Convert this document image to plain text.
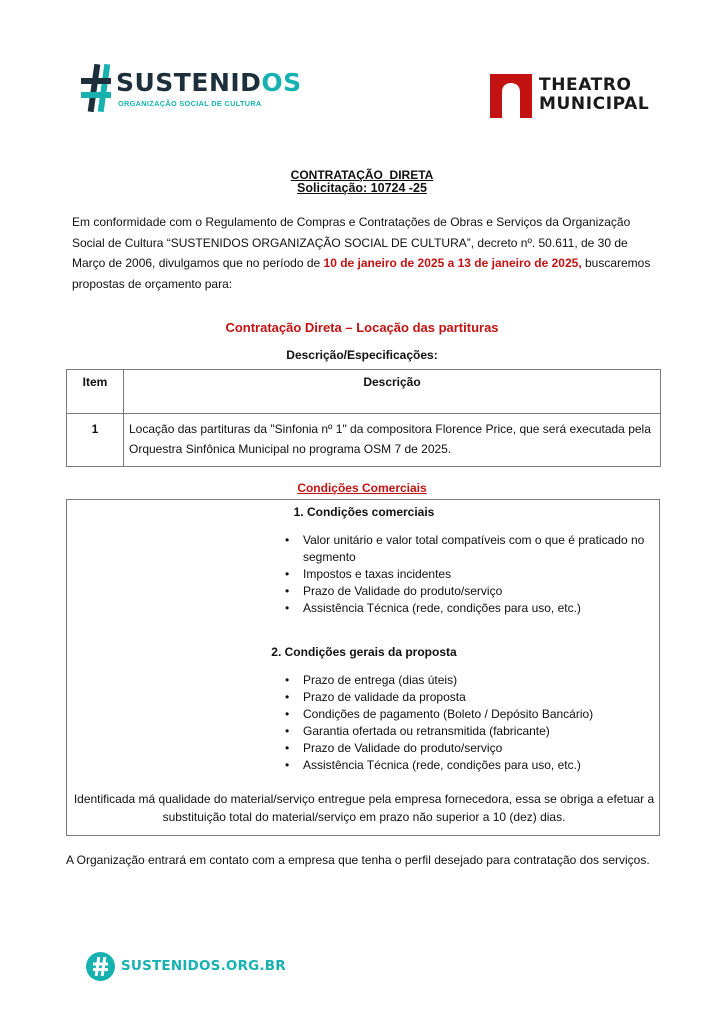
SUSTENIDOS
ORGANIZAÇÃO SOCIAL DE CULTURA
THEATRO
MUNICIPAL
CONTRATAÇÃO  DIRETA
Solicitação: 10724 -25
Em conformidade com o Regulamento de Compras e Contratações de Obras e Serviços da Organização Social de Cultura “SUSTENIDOS ORGANIZAÇÃO SOCIAL DE CULTURA”, decreto nº. 50.611, de 30 de Março de 2006, divulgamos que no período de 10 de janeiro de 2025 a 13 de janeiro de 2025, buscaremos propostas de orçamento para:
Contratação Direta – Locação das partituras
Descrição/Especificações:
Item	Descrição
1	Locação das partituras da "Sinfonia nº 1" da compositora Florence Price, que será executada pela Orquestra Sinfônica Municipal no programa OSM 7 de 2025.
Condições Comerciais
1. Condições comerciais
• Valor unitário e valor total compatíveis com o que é praticado no segmento
• Impostos e taxas incidentes
• Prazo de Validade do produto/serviço
• Assistência Técnica (rede, condições para uso, etc.)
2. Condições gerais da proposta
• Prazo de entrega (dias úteis)
• Prazo de validade da proposta
• Condições de pagamento (Boleto / Depósito Bancário)
• Garantia ofertada ou retransmitida (fabricante)
• Prazo de Validade do produto/serviço
• Assistência Técnica (rede, condições para uso, etc.)
Identificada má qualidade do material/serviço entregue pela empresa fornecedora, essa se obriga a efetuar a substituição total do material/serviço em prazo não superior a 10 (dez) dias.
A Organização entrará em contato com a empresa que tenha o perfil desejado para contratação dos serviços.
SUSTENIDOS.ORG.BR
